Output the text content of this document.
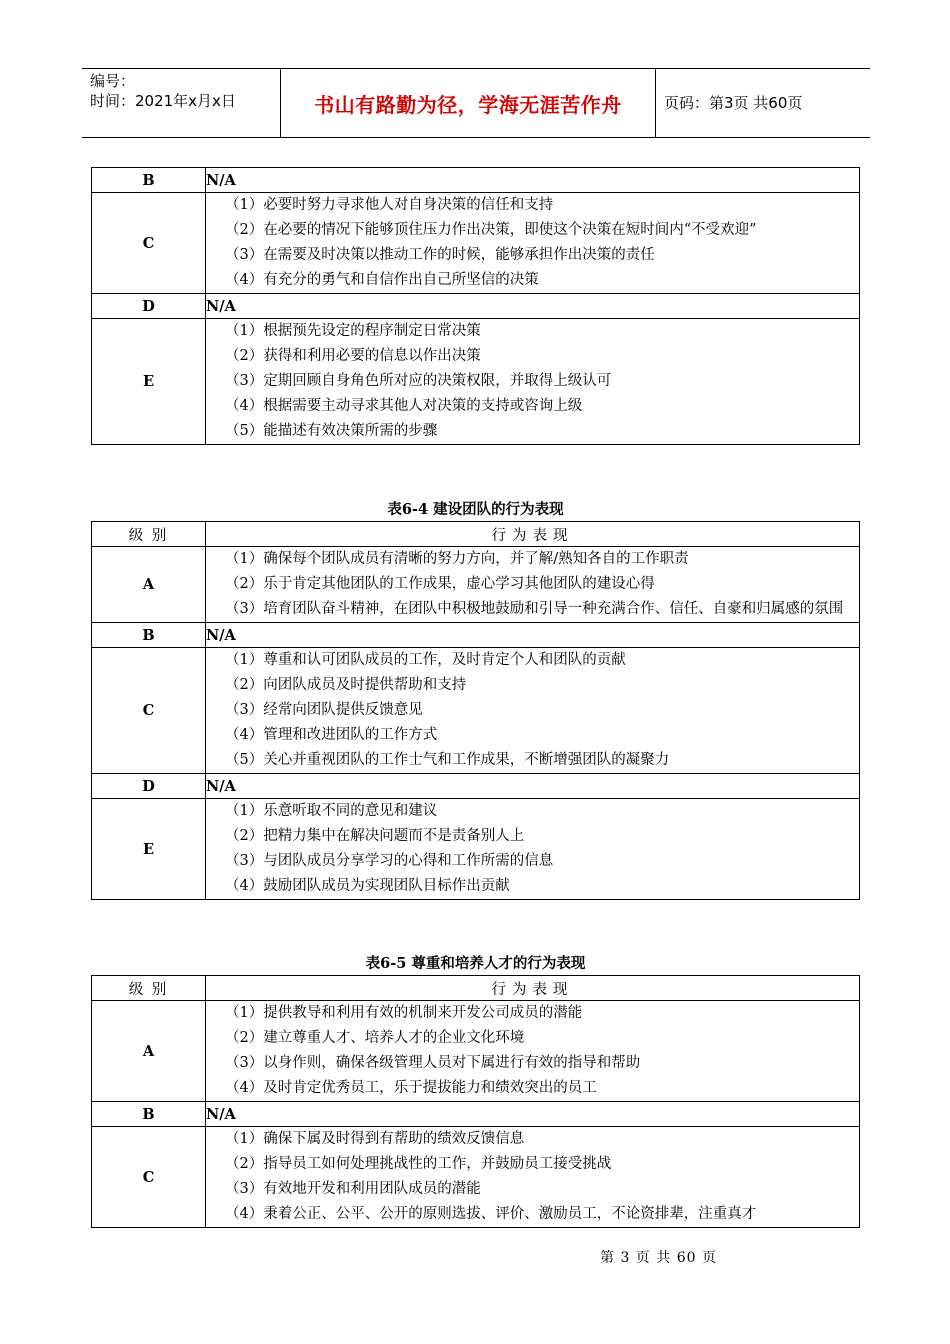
编号：
时间：2021年x月x日	书山有路勤为径，学海无涯苦作舟	页码：第3页 共60页
B	N/A
C	（1）必要时努力寻求他人对自身决策的信任和支持
（2）在必要的情况下能够顶住压力作出决策，即使这个决策在短时间内“不受欢迎”
（3）在需要及时决策以推动工作的时候，能够承担作出决策的责任
（4）有充分的勇气和自信作出自己所坚信的决策

D	N/A
E	（1）根据预先设定的程序制定日常决策
（2）获得和利用必要的信息以作出决策
（3）定期回顾自身角色所对应的决策权限，并取得上级认可
（4）根据需要主动寻求其他人对决策的支持或咨询上级
（5）能描述有效决策所需的步骤
表6-4 建设团队的行为表现
级 别	行为表现
A	（1）确保每个团队成员有清晰的努力方向，并了解/熟知各自的工作职责
（2）乐于肯定其他团队的工作成果，虚心学习其他团队的建设心得
（3）培育团队奋斗精神，在团队中积极地鼓励和引导一种充满合作、信任、自豪和归属感的氛围

B	N/A
C	（1）尊重和认可团队成员的工作，及时肯定个人和团队的贡献
（2）向团队成员及时提供帮助和支持
（3）经常向团队提供反馈意见
（4）管理和改进团队的工作方式
（5）关心并重视团队的工作士气和工作成果，不断增强团队的凝聚力

D	N/A
E	（1）乐意听取不同的意见和建议
（2）把精力集中在解决问题而不是责备别人上
（3）与团队成员分享学习的心得和工作所需的信息
（4）鼓励团队成员为实现团队目标作出贡献
表6-5 尊重和培养人才的行为表现
级 别	行为表现
A	（1）提供教导和利用有效的机制来开发公司成员的潜能
（2）建立尊重人才、培养人才的企业文化环境
（3）以身作则，确保各级管理人员对下属进行有效的指导和帮助
（4）及时肯定优秀员工，乐于提拔能力和绩效突出的员工

B	N/A
C	（1）确保下属及时得到有帮助的绩效反馈信息
（2）指导员工如何处理挑战性的工作，并鼓励员工接受挑战
（3）有效地开发和利用团队成员的潜能
（4）秉着公正、公平、公开的原则选拔、评价、激励员工，不论资排辈，注重真才
第 3 页 共 60 页
